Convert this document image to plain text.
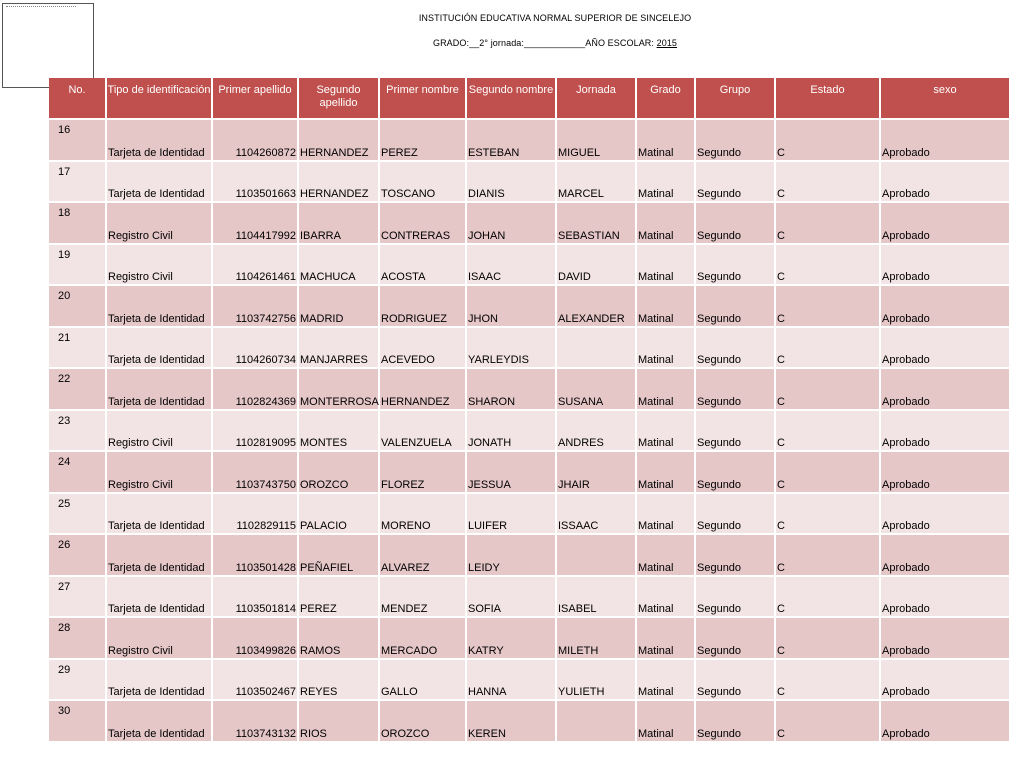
INSTITUCIÓN EDUCATIVA NORMAL SUPERIOR DE SINCELEJO
GRADO:__2° jornada:____________AÑO ESCOLAR: 2015
No.	Tipo de identificación	Primer apellido	Segundo apellido	Primer nombre	Segundo nombre	Jornada	Grado	Grupo	Estado	sexo
16	Tarjeta de Identidad	1104260872	HERNANDEZ	PEREZ	ESTEBAN	MIGUEL	Matinal	Segundo	C	Aprobado
17	Tarjeta de Identidad	1103501663	HERNANDEZ	TOSCANO	DIANIS	MARCEL	Matinal	Segundo	C	Aprobado
18	Registro Civil	1104417992	IBARRA	CONTRERAS	JOHAN	SEBASTIAN	Matinal	Segundo	C	Aprobado
19	Registro Civil	1104261461	MACHUCA	ACOSTA	ISAAC	DAVID	Matinal	Segundo	C	Aprobado
20	Tarjeta de Identidad	1103742756	MADRID	RODRIGUEZ	JHON	ALEXANDER	Matinal	Segundo	C	Aprobado
21	Tarjeta de Identidad	1104260734	MANJARRES	ACEVEDO	YARLEYDIS		Matinal	Segundo	C	Aprobado
22	Tarjeta de Identidad	1102824369	MONTERROSA	HERNANDEZ	SHARON	SUSANA	Matinal	Segundo	C	Aprobado
23	Registro Civil	1102819095	MONTES	VALENZUELA	JONATH	ANDRES	Matinal	Segundo	C	Aprobado
24	Registro Civil	1103743750	OROZCO	FLOREZ	JESSUA	JHAIR	Matinal	Segundo	C	Aprobado
25	Tarjeta de Identidad	1102829115	PALACIO	MORENO	LUIFER	ISSAAC	Matinal	Segundo	C	Aprobado
26	Tarjeta de Identidad	1103501428	PEÑAFIEL	ALVAREZ	LEIDY		Matinal	Segundo	C	Aprobado
27	Tarjeta de Identidad	1103501814	PEREZ	MENDEZ	SOFIA	ISABEL	Matinal	Segundo	C	Aprobado
28	Registro Civil	1103499826	RAMOS	MERCADO	KATRY	MILETH	Matinal	Segundo	C	Aprobado
29	Tarjeta de Identidad	1103502467	REYES	GALLO	HANNA	YULIETH	Matinal	Segundo	C	Aprobado
30	Tarjeta de Identidad	1103743132	RIOS	OROZCO	KEREN		Matinal	Segundo	C	Aprobado
